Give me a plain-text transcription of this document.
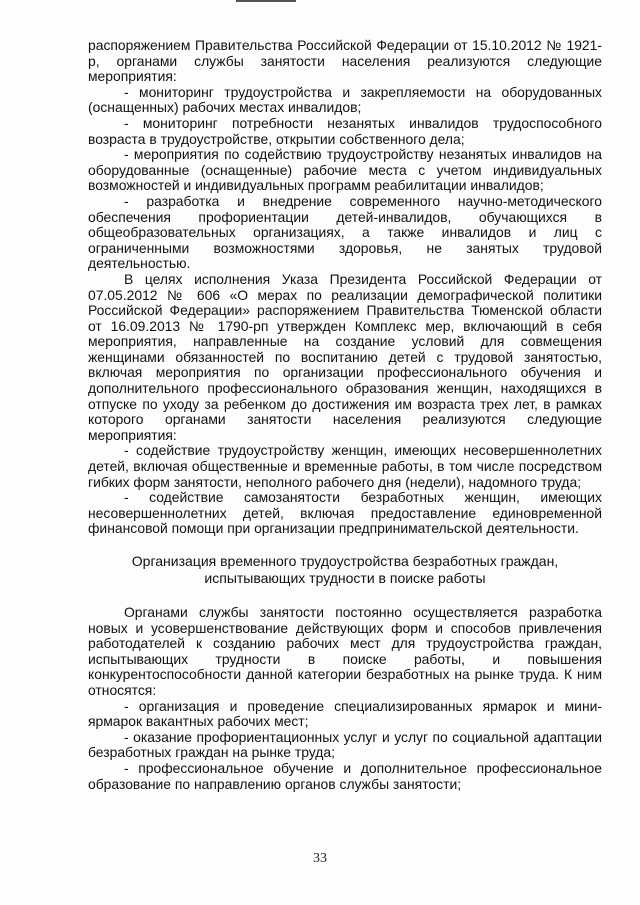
распоряжением Правительства Российской Федерации от 15.10.2012 № 1921-р, органами службы занятости населения реализуются следующие мероприятия:

- мониторинг трудоустройства и закрепляемости на оборудованных (оснащенных) рабочих местах инвалидов;

- мониторинг потребности незанятых инвалидов трудоспособного возраста в трудоустройстве, открытии собственного дела;

- мероприятия по содействию трудоустройству незанятых инвалидов на оборудованные (оснащенные) рабочие места с учетом индивидуальных возможностей и индивидуальных программ реабилитации инвалидов;

- разработка и внедрение современного научно-методического обеспечения профориентации детей-инвалидов, обучающихся в общеобразовательных организациях, а также инвалидов и лиц с ограниченными возможностями здоровья, не занятых трудовой деятельностью.

В целях исполнения Указа Президента Российской Федерации от 07.05.2012 № 606 «О мерах по реализации демографической политики Российской Федерации» распоряжением Правительства Тюменской области от 16.09.2013 № 1790-рп утвержден Комплекс мер, включающий в себя мероприятия, направленные на создание условий для совмещения женщинами обязанностей по воспитанию детей с трудовой занятостью, включая мероприятия по организации профессионального обучения и дополнительного профессионального образования женщин, находящихся в отпуске по уходу за ребенком до достижения им возраста трех лет, в рамках которого органами занятости населения реализуются следующие мероприятия:

- содействие трудоустройству женщин, имеющих несовершеннолетних детей, включая общественные и временные работы, в том числе посредством гибких форм занятости, неполного рабочего дня (недели), надомного труда;

- содействие самозанятости безработных женщин, имеющих несовершеннолетних детей, включая предоставление единовременной финансовой помощи при организации предпринимательской деятельности.

Организация временного трудоустройства безработных граждан,
испытывающих трудности в поиске работы

Органами службы занятости постоянно осуществляется разработка новых и усовершенствование действующих форм и способов привлечения работодателей к созданию рабочих мест для трудоустройства граждан, испытывающих трудности в поиске работы, и повышения конкурентоспособности данной категории безработных на рынке труда. К ним относятся:

- организация и проведение специализированных ярмарок и мини-ярмарок вакантных рабочих мест;

- оказание профориентационных услуг и услуг по социальной адаптации безработных граждан на рынке труда;

- профессиональное обучение и дополнительное профессиональное образование по направлению органов службы занятости;

33
